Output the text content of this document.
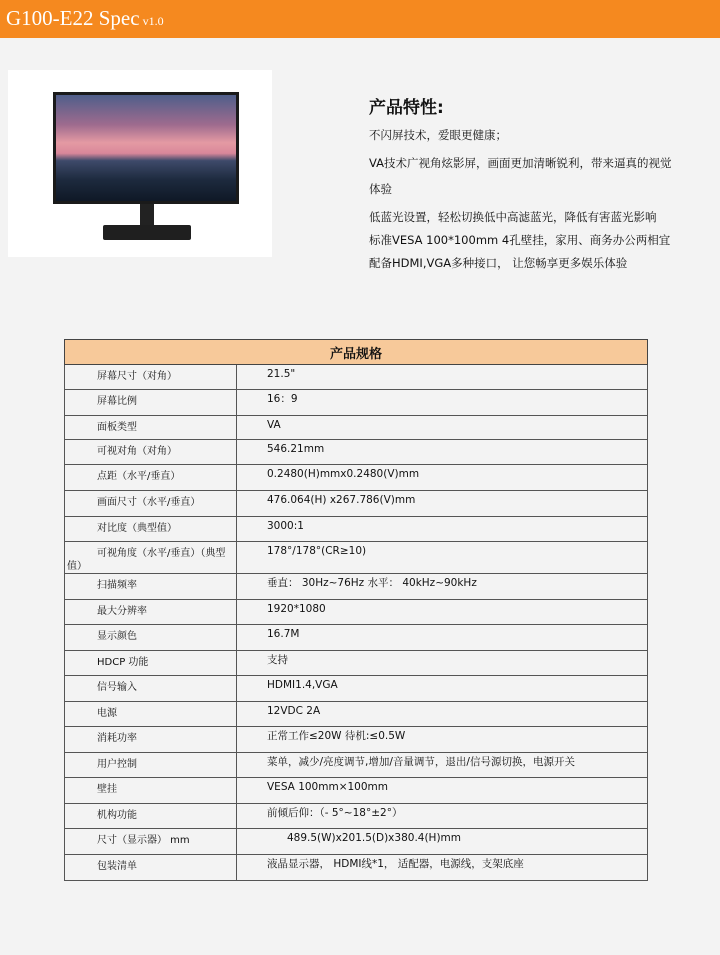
G100-E22 Spec v1.0
产品特性:
不闪屏技术，爱眼更健康；
VA技术广视角炫影屏，画面更加清晰锐利，带来逼真的视觉
体验
低蓝光设置，轻松切换低中高滤蓝光，降低有害蓝光影响
标准VESA 100*100mm 4孔壁挂，家用、商务办公两相宜
配备HDMI,VGA多种接口， 让您畅享更多娱乐体验
产品规格	
屏幕尺寸（对角）	21.5"
屏幕比例	16：9
面板类型	VA
可视对角（对角）	546.21mm
点距（水平/垂直）	0.2480(H)mmx0.2480(V)mm
画面尺寸（水平/垂直）	476.064(H) x267.786(V)mm
对比度（典型值）	3000:1
可视角度（水平/垂直）（典型值）	178°/178°(CR≥10)
扫描频率	垂直： 30Hz~76Hz 水平： 40kHz~90kHz
最大分辨率	1920*1080
显示颜色	16.7M
HDCP 功能	支持
信号输入	HDMI1.4,VGA
电源	12VDC 2A
消耗功率	正常工作≤20W 待机:≤0.5W
用户控制	菜单，减少/亮度调节,增加/音量调节，退出/信号源切换，电源开关
壁挂	VESA 100mm×100mm
机构功能	前倾后仰：（- 5°~18°±2°）
尺寸（显示器） mm	489.5(W)x201.5(D)x380.4(H)mm
包装清单	液晶显示器， HDMI线*1， 适配器，电源线，支架底座
